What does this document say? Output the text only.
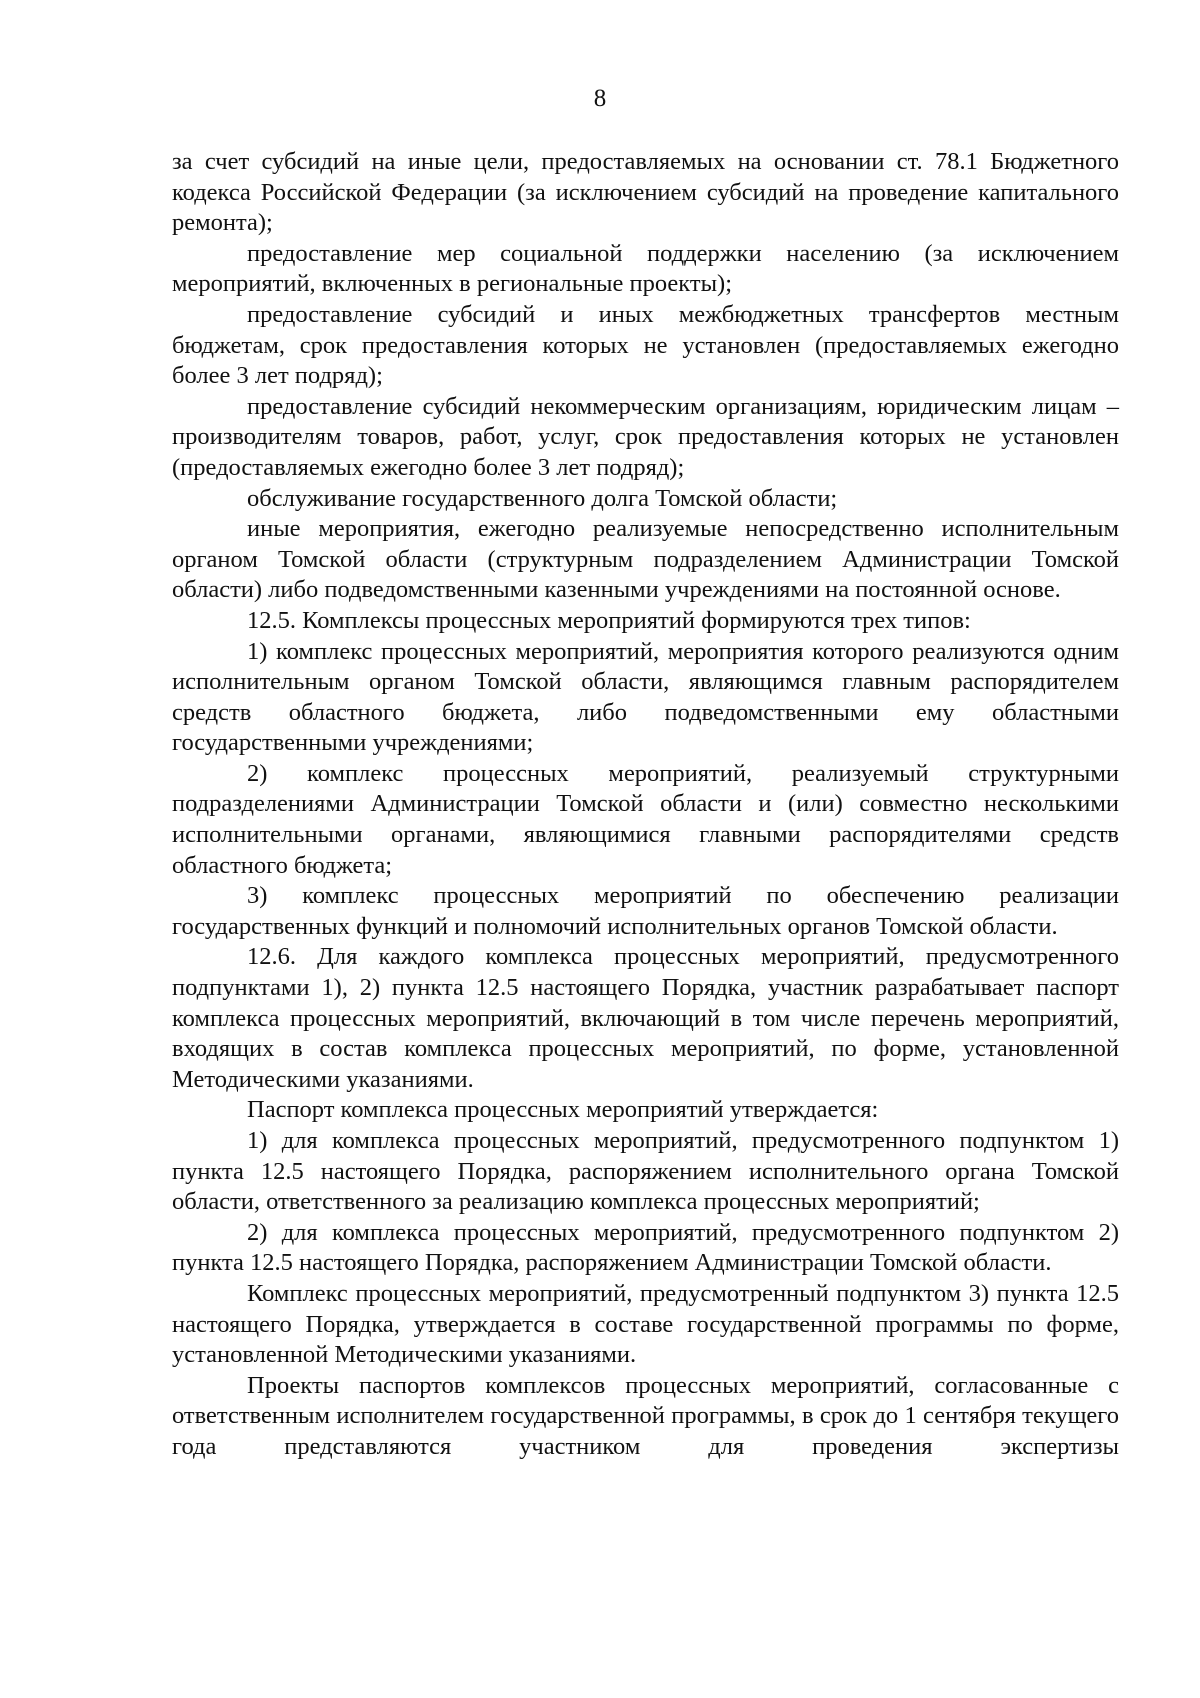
8

за счет субсидий на иные цели, предоставляемых на основании ст. 78.1 Бюджетного кодекса Российской Федерации (за исключением субсидий на проведение капитального ремонта);

предоставление мер социальной поддержки населению (за исключением мероприятий, включенных в региональные проекты);

предоставление субсидий и иных межбюджетных трансфертов местным бюджетам, срок предоставления которых не установлен (предоставляемых ежегодно более 3 лет подряд);

предоставление субсидий некоммерческим организациям, юридическим лицам – производителям товаров, работ, услуг, срок предоставления которых не установлен (предоставляемых ежегодно более 3 лет подряд);

обслуживание государственного долга Томской области;

иные мероприятия, ежегодно реализуемые непосредственно исполнительным органом Томской области (структурным подразделением Администрации Томской области) либо подведомственными казенными учреждениями на постоянной основе.

12.5. Комплексы процессных мероприятий формируются трех типов:

1) комплекс процессных мероприятий, мероприятия которого реализуются одним исполнительным органом Томской области, являющимся главным распорядителем средств областного бюджета, либо подведомственными ему областными государственными учреждениями;

2) комплекс процессных мероприятий, реализуемый структурными подразделениями Администрации Томской области и (или) совместно несколькими исполнительными органами, являющимися главными распорядителями средств областного бюджета;

3) комплекс процессных мероприятий по обеспечению реализации государственных функций и полномочий исполнительных органов Томской области.

12.6. Для каждого комплекса процессных мероприятий, предусмотренного подпунктами 1), 2) пункта 12.5 настоящего Порядка, участник разрабатывает паспорт комплекса процессных мероприятий, включающий в том числе перечень мероприятий, входящих в состав комплекса процессных мероприятий, по форме, установленной Методическими указаниями.

Паспорт комплекса процессных мероприятий утверждается:

1) для комплекса процессных мероприятий, предусмотренного подпунктом 1) пункта 12.5 настоящего Порядка, распоряжением исполнительного органа Томской области, ответственного за реализацию комплекса процессных мероприятий;

2) для комплекса процессных мероприятий, предусмотренного подпунктом 2) пункта 12.5 настоящего Порядка, распоряжением Администрации Томской области.

Комплекс процессных мероприятий, предусмотренный подпунктом 3) пункта 12.5 настоящего Порядка, утверждается в составе государственной программы по форме, установленной Методическими указаниями.

Проекты паспортов комплексов процессных мероприятий, согласованные с ответственным исполнителем государственной программы, в срок до 1 сентября текущего года представляются участником для проведения экспертизы
